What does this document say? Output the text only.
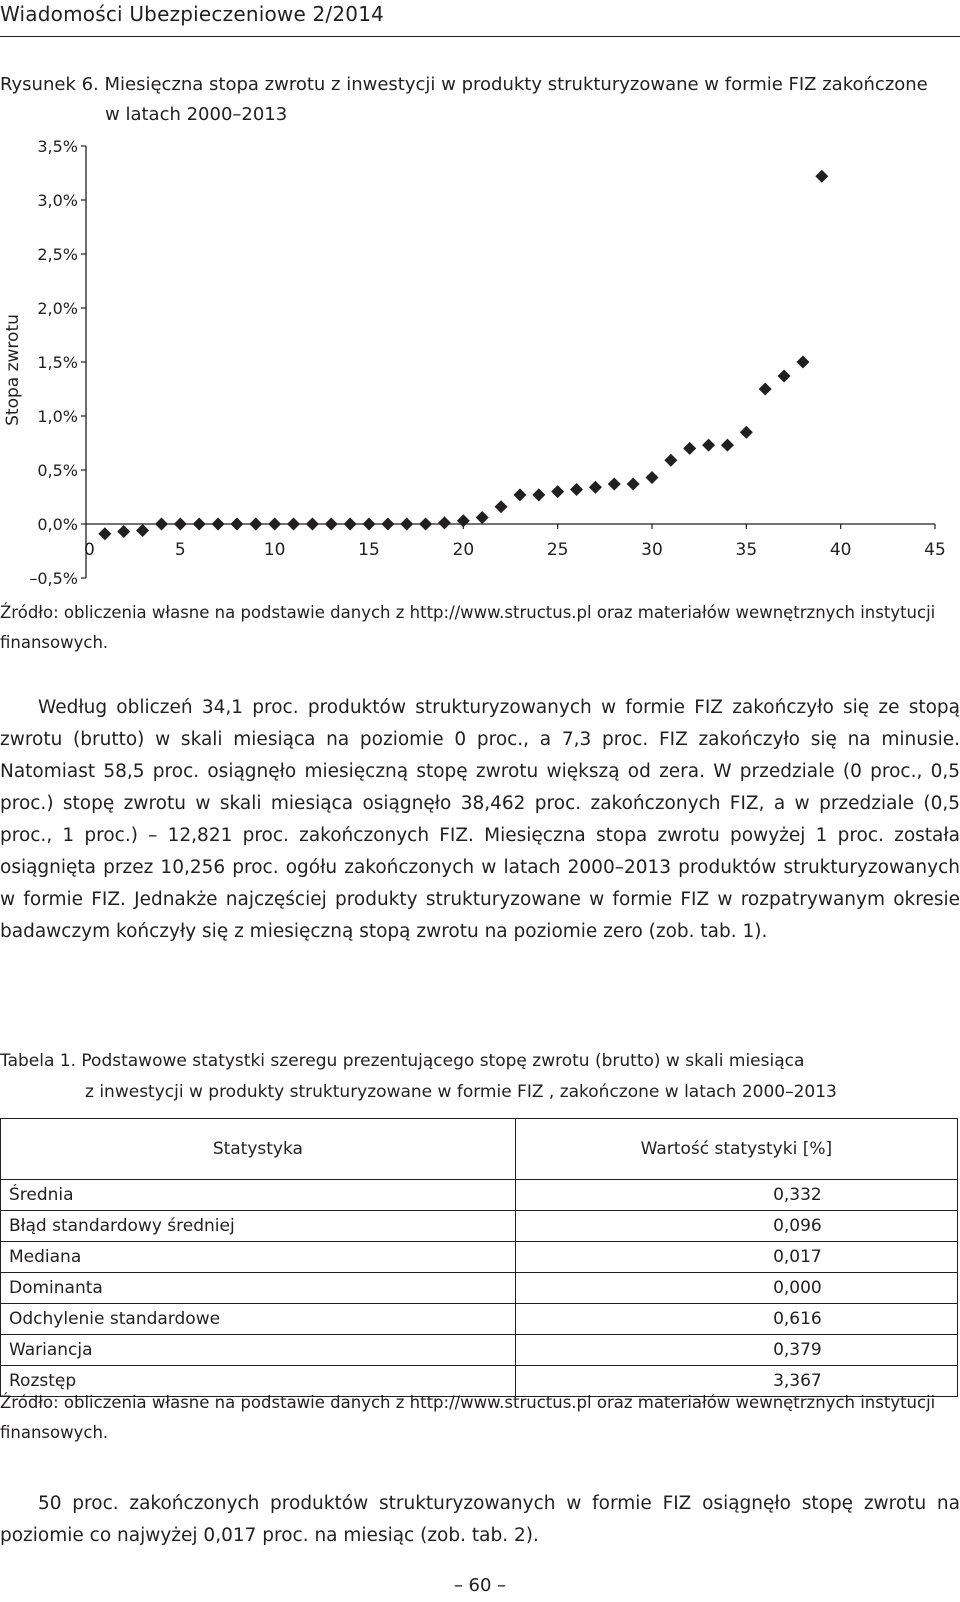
Wiadomości Ubezpieczeniowe 2/2014
Rysunek 6. Miesięczna stopa zwrotu z inwestycji w produkty strukturyzowane w formie FIZ zakończone
w latach 2000–2013
3,5%
3,0%
2,5%
2,0%
1,5%
1,0%
0,5%
0,0%
–0,5%
0	5	10	15	20	25	30	35	40	45
Stopa zwrotu
Źródło: obliczenia własne na podstawie danych z http://www.structus.pl oraz materiałów wewnętrznych instytucji finansowych.

Według obliczeń 34,1 proc. produktów strukturyzowanych w formie FIZ zakończyło się ze stopą zwrotu (brutto) w skali miesiąca na poziomie 0 proc., a 7,3 proc. FIZ zakończyło się na minusie. Natomiast 58,5 proc. osiągnęło miesięczną stopę zwrotu większą od zera. W przedziale (0 proc., 0,5 proc.) stopę zwrotu w skali miesiąca osiągnęło 38,462 proc. zakończonych FIZ, a w przedziale (0,5 proc., 1 proc.) – 12,821 proc. zakończonych FIZ. Miesięczna stopa zwrotu powyżej 1 proc. została osiągnięta przez 10,256 proc. ogółu zakończonych w latach 2000–2013 produktów strukturyzowanych w formie FIZ. Jednakże najczęściej produkty strukturyzowane w formie FIZ w rozpatrywanym okresie badawczym kończyły się z miesięczną stopą zwrotu na poziomie zero (zob. tab. 1).

Tabela 1. Podstawowe statystki szeregu prezentującego stopę zwrotu (brutto) w skali miesiąca
z inwestycji w produkty strukturyzowane w formie FIZ , zakończone w latach 2000–2013
Statystyka	Wartość statystyki [%]
Średnia	0,332
Błąd standardowy średniej	0,096
Mediana	0,017
Dominanta	0,000
Odchylenie standardowe	0,616
Wariancja	0,379
Rozstęp	3,367
Źródło: obliczenia własne na podstawie danych z http://www.structus.pl oraz materiałów wewnętrznych instytucji finansowych.

50 proc. zakończonych produktów strukturyzowanych w formie FIZ osiągnęło stopę zwrotu na poziomie co najwyżej 0,017 proc. na miesiąc (zob. tab. 2).

– 60 –
